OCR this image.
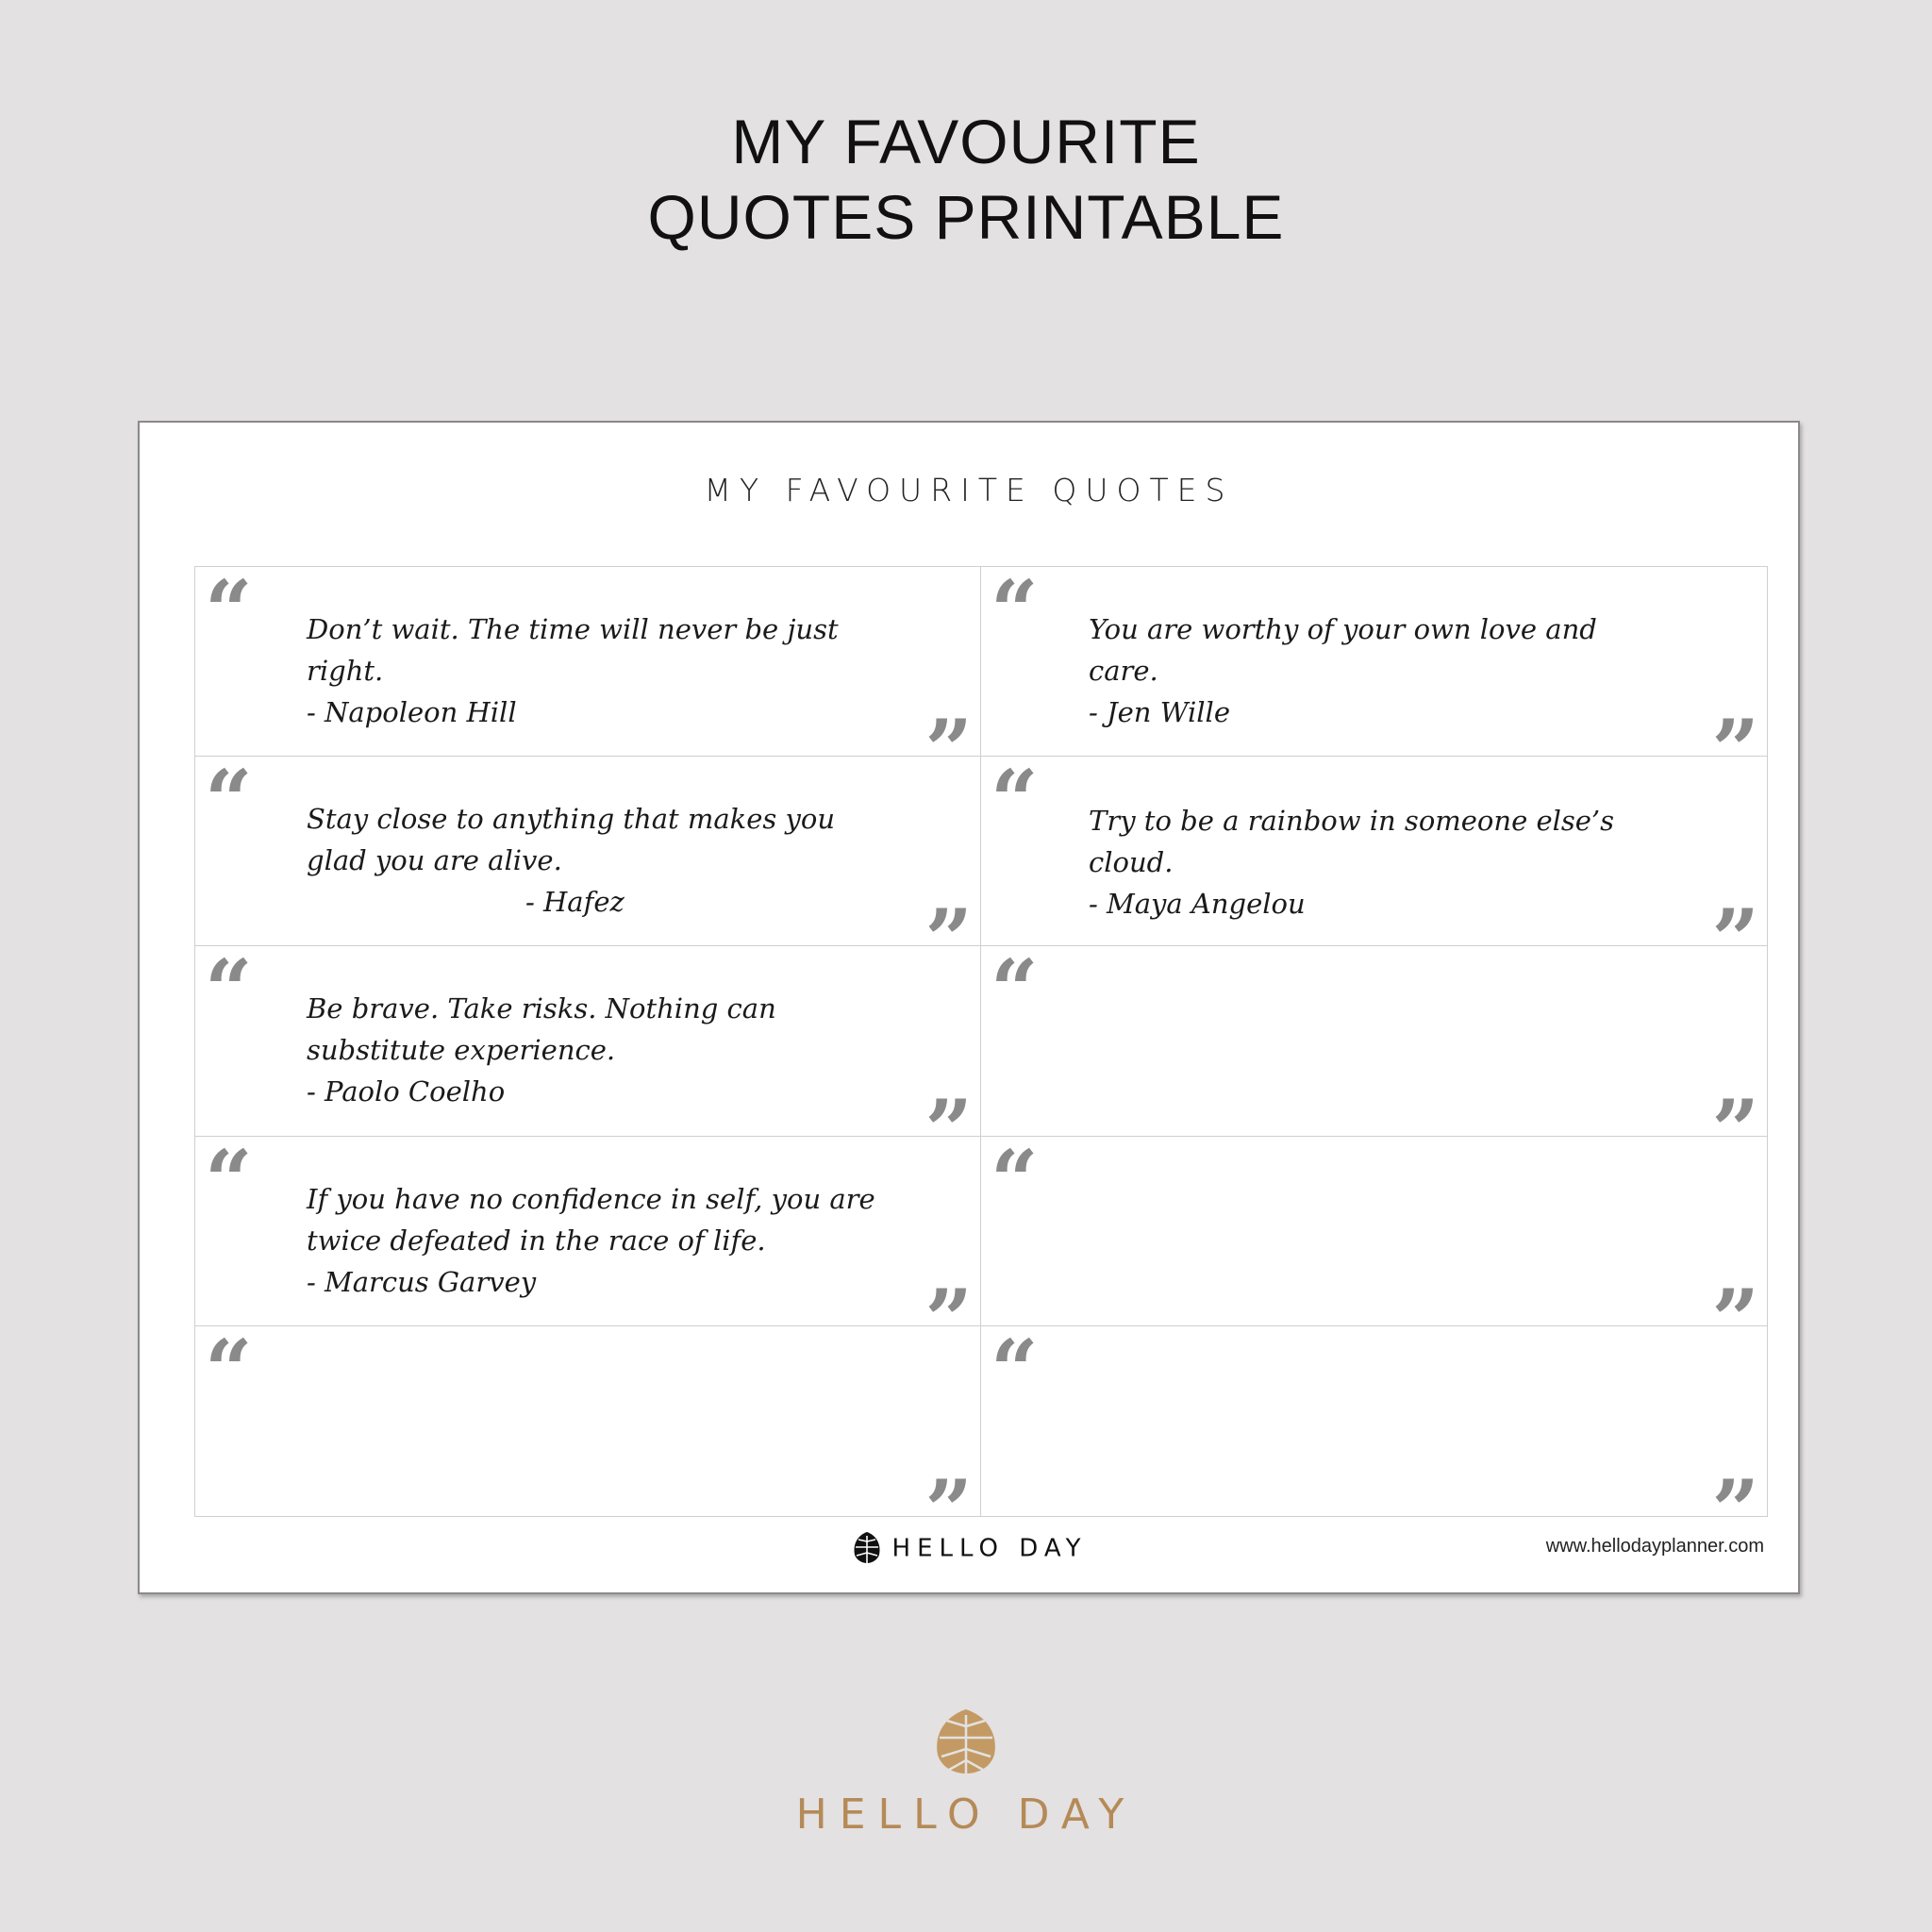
MY FAVOURITE
QUOTES PRINTABLE
MY FAVOURITE QUOTES
“ Don’t wait. The time will never be just right.
- Napoleon Hill	”
“ You are worthy of your own love and care.
- Jen Wille	”
“ Stay close to anything that makes you glad you are alive.
- Hafez	”
“ Try to be a rainbow in someone else’s cloud.
- Maya Angelou	”
“ Be brave. Take risks. Nothing can substitute experience.
- Paolo Coelho	”
“
”
“ If you have no confidence in self, you are twice defeated in the race of life.
- Marcus Garvey	”
“
”
“
”
“
”
HELLO DAY	www.hellodayplanner.com
HELLO DAY
